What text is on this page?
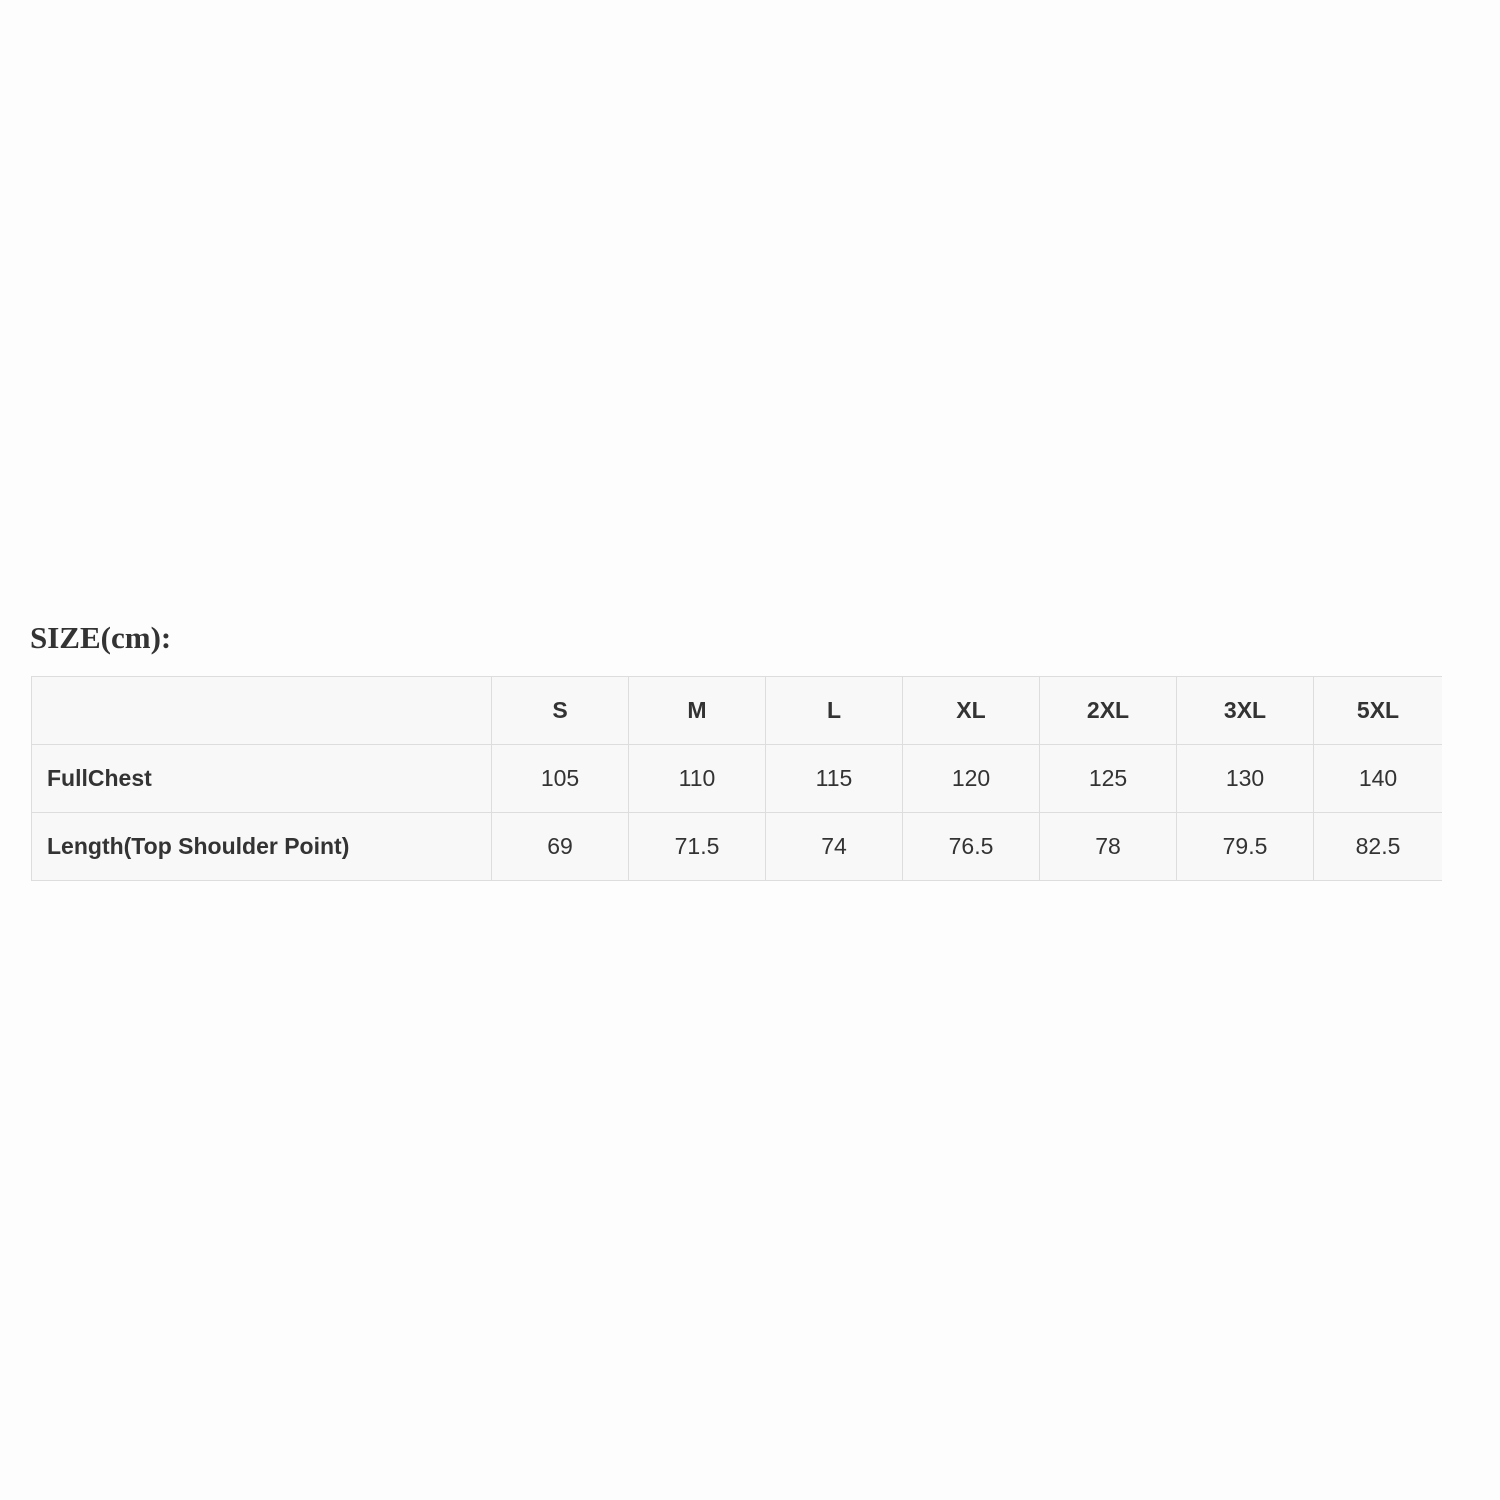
SIZE(cm):
	S	M	L	XL	2XL	3XL	5XL
FullChest	105	110	115	120	125	130	140
Length(Top Shoulder Point)	69	71.5	74	76.5	78	79.5	82.5
